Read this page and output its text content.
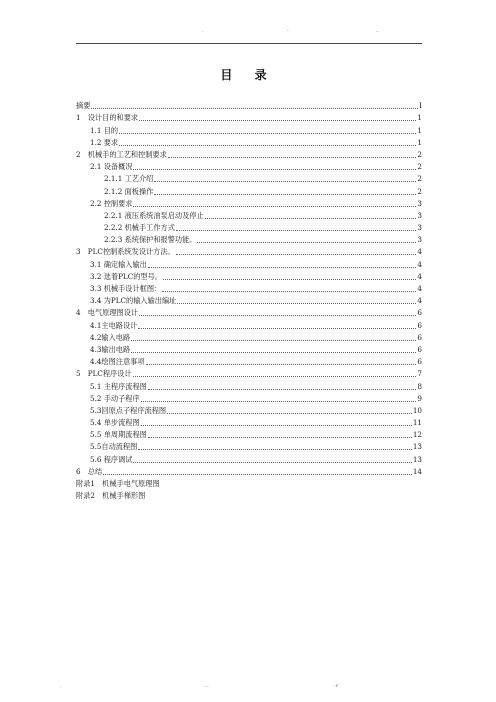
.	-	..
目 录
摘要	I
1　设计目的和要求	1
1.1 目的	1
1.2 要求	1
2　机械手的工艺和控制要求	2
2.1 设备概况	2
2.1.1 工艺介绍	2
2.1.2 面板操作	2
2.2 控制要求	3
2.2.1 液压系统油泵启动及停止	3
2.2.2 机械手工作方式	3
2.2.3 系统保护和报警功能。	3
3　PLC控制系统发设计方法。	4
3.1 确定输入输出	4
3.2 选着PLC的型号。	4
3.3 机械手设计框图：	4
3.4 为PLC的输入输出编址	4
4　电气原理图设计	6
4.1主电路设计	6
4.2输入电路	6
4.3输出电路	6
4.4绘图注意事项	6
5　PLC程序设计	7
5.1 主程序流程图	8
5.2 手动子程序	9
5.3回原点子程序流程图	10
5.4 单步流程图	11
5.5 单周期流程图	12
5.5自动流程图	13
5.6 程序调试	13
6　总结	14
附录1　机械手电气原理图
附录2　机械手梯形图
.	...	.c
